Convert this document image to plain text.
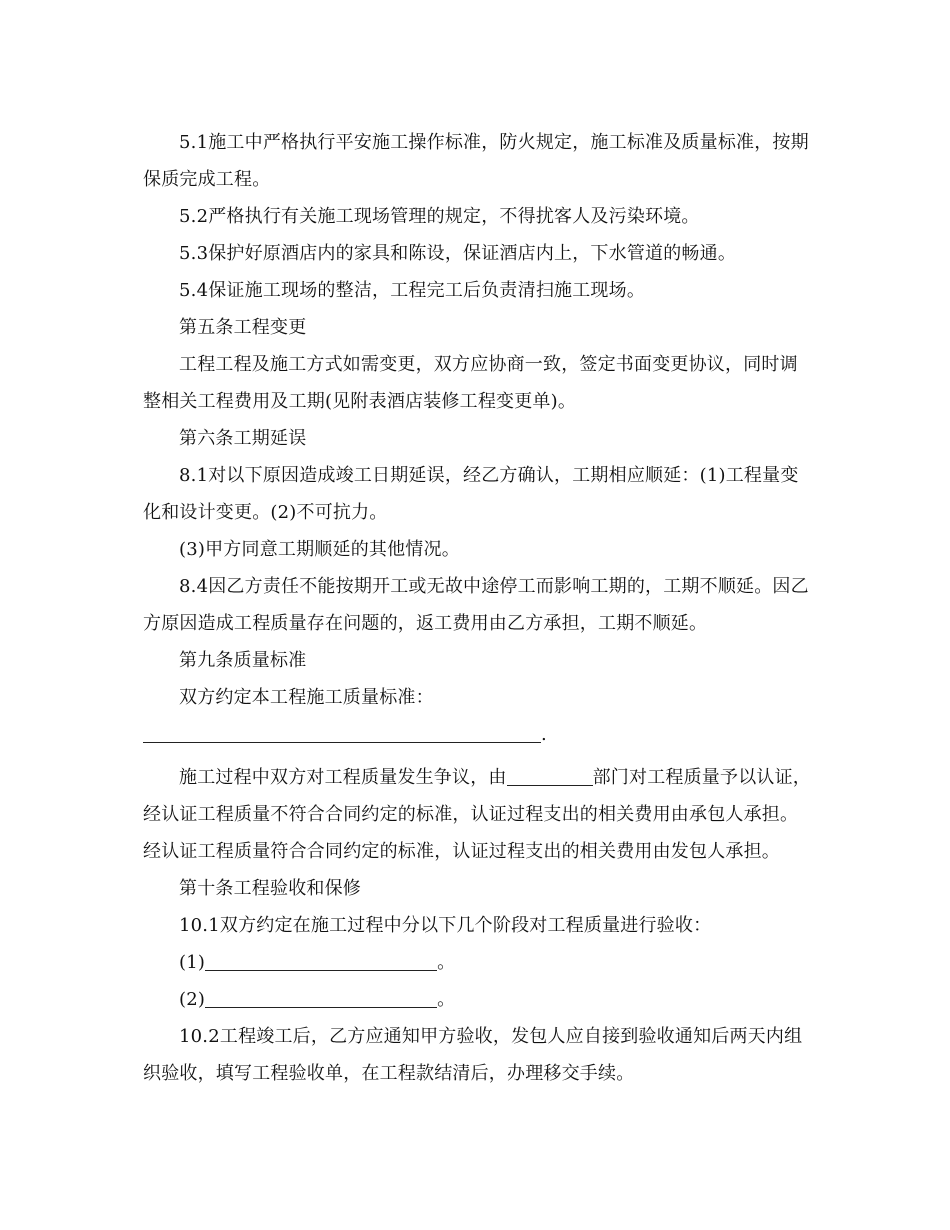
5.1施工中严格执行平安施工操作标准，防火规定，施工标准及质量标准，按期保质完成工程。

5.2严格执行有关施工现场管理的规定，不得扰客人及污染环境。

5.3保护好原酒店内的家具和陈设，保证酒店内上，下水管道的畅通。

5.4保证施工现场的整洁，工程完工后负责清扫施工现场。

第五条工程变更

工程工程及施工方式如需变更，双方应协商一致，签定书面变更协议，同时调整相关工程费用及工期(见附表酒店装修工程变更单)。

第六条工期延误

8.1对以下原因造成竣工日期延误，经乙方确认，工期相应顺延：(1)工程量变化和设计变更。(2)不可抗力。

(3)甲方同意工期顺延的其他情况。

8.4因乙方责任不能按期开工或无故中途停工而影响工期的，工期不顺延。因乙方原因造成工程质量存在问题的，返工费用由乙方承担，工期不顺延。

第九条质量标准

双方约定本工程施工质量标准：

.

施工过程中双方对工程质量发生争议，由	部门对工程质量予以认证，经认证工程质量不符合合同约定的标准，认证过程支出的相关费用由承包人承担。经认证工程质量符合合同约定的标准，认证过程支出的相关费用由发包人承担。

第十条工程验收和保修

10.1双方约定在施工过程中分以下几个阶段对工程质量进行验收：

(1)	。

(2)	。

10.2工程竣工后，乙方应通知甲方验收，发包人应自接到验收通知后两天内组织验收，填写工程验收单，在工程款结清后，办理移交手续。
